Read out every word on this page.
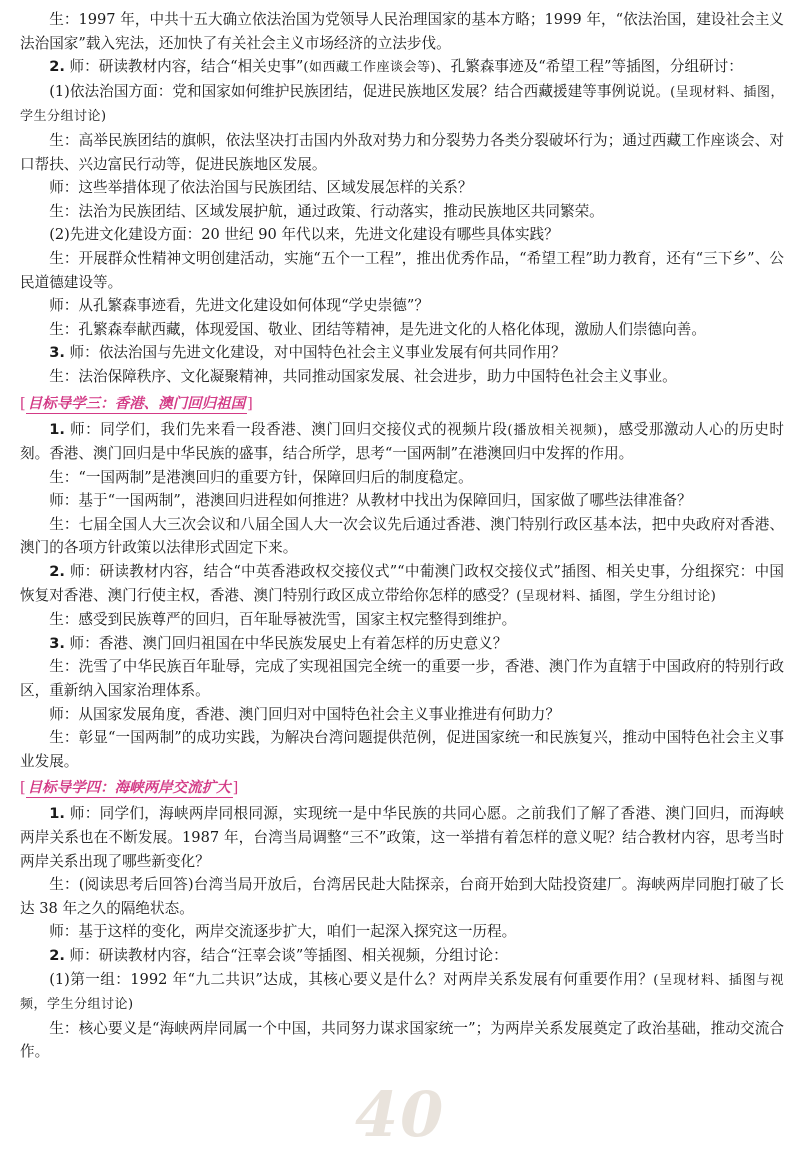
生：1997 年，中共十五大确立依法治国为党领导人民治理国家的基本方略；1999 年，“依法治国，建设社会主义法治国家”载入宪法，还加快了有关社会主义市场经济的立法步伐。

2. 师：研读教材内容，结合“相关史事”(如西藏工作座谈会等)、孔繁森事迹及“希望工程”等插图，分组研讨：

(1)依法治国方面：党和国家如何维护民族团结，促进民族地区发展？结合西藏援建等事例说说。(呈现材料、插图，学生分组讨论)

生：高举民族团结的旗帜，依法坚决打击国内外敌对势力和分裂势力各类分裂破坏行为；通过西藏工作座谈会、对口帮扶、兴边富民行动等，促进民族地区发展。

师：这些举措体现了依法治国与民族团结、区域发展怎样的关系？

生：法治为民族团结、区域发展护航，通过政策、行动落实，推动民族地区共同繁荣。

(2)先进文化建设方面：20 世纪 90 年代以来，先进文化建设有哪些具体实践？

生：开展群众性精神文明创建活动，实施“五个一工程”，推出优秀作品，“希望工程”助力教育，还有“三下乡”、公民道德建设等。

师：从孔繁森事迹看，先进文化建设如何体现“学史崇德”？

生：孔繁森奉献西藏，体现爱国、敬业、团结等精神，是先进文化的人格化体现，激励人们崇德向善。

3. 师：依法治国与先进文化建设，对中国特色社会主义事业发展有何共同作用？

生：法治保障秩序、文化凝聚精神，共同推动国家发展、社会进步，助力中国特色社会主义事业。

[ 目标导学三：香港、澳门回归祖国 ]

1. 师：同学们，我们先来看一段香港、澳门回归交接仪式的视频片段(播放相关视频)，感受那激动人心的历史时刻。香港、澳门回归是中华民族的盛事，结合所学，思考“一国两制”在港澳回归中发挥的作用。

生：“一国两制”是港澳回归的重要方针，保障回归后的制度稳定。

师：基于“一国两制”，港澳回归进程如何推进？从教材中找出为保障回归，国家做了哪些法律准备？

生：七届全国人大三次会议和八届全国人大一次会议先后通过香港、澳门特别行政区基本法，把中央政府对香港、澳门的各项方针政策以法律形式固定下来。

2. 师：研读教材内容，结合“中英香港政权交接仪式”“中葡澳门政权交接仪式”插图、相关史事，分组探究：中国恢复对香港、澳门行使主权，香港、澳门特别行政区成立带给你怎样的感受？(呈现材料、插图，学生分组讨论)

生：感受到民族尊严的回归，百年耻辱被洗雪，国家主权完整得到维护。

3. 师：香港、澳门回归祖国在中华民族发展史上有着怎样的历史意义？

生：洗雪了中华民族百年耻辱，完成了实现祖国完全统一的重要一步，香港、澳门作为直辖于中国政府的特别行政区，重新纳入国家治理体系。

师：从国家发展角度，香港、澳门回归对中国特色社会主义事业推进有何助力？

生：彰显“一国两制”的成功实践，为解决台湾问题提供范例，促进国家统一和民族复兴，推动中国特色社会主义事业发展。

[ 目标导学四：海峡两岸交流扩大 ]

1. 师：同学们，海峡两岸同根同源，实现统一是中华民族的共同心愿。之前我们了解了香港、澳门回归，而海峡两岸关系也在不断发展。1987 年，台湾当局调整“三不”政策，这一举措有着怎样的意义呢？结合教材内容，思考当时两岸关系出现了哪些新变化？

生：(阅读思考后回答)台湾当局开放后，台湾居民赴大陆探亲，台商开始到大陆投资建厂。海峡两岸同胞打破了长达 38 年之久的隔绝状态。

师：基于这样的变化，两岸交流逐步扩大，咱们一起深入探究这一历程。

2. 师：研读教材内容，结合“汪辜会谈”等插图、相关视频，分组讨论：

(1)第一组：1992 年“九二共识”达成，其核心要义是什么？对两岸关系发展有何重要作用？(呈现材料、插图与视频，学生分组讨论)

生：核心要义是“海峡两岸同属一个中国，共同努力谋求国家统一”；为两岸关系发展奠定了政治基础，推动交流合作。

40
